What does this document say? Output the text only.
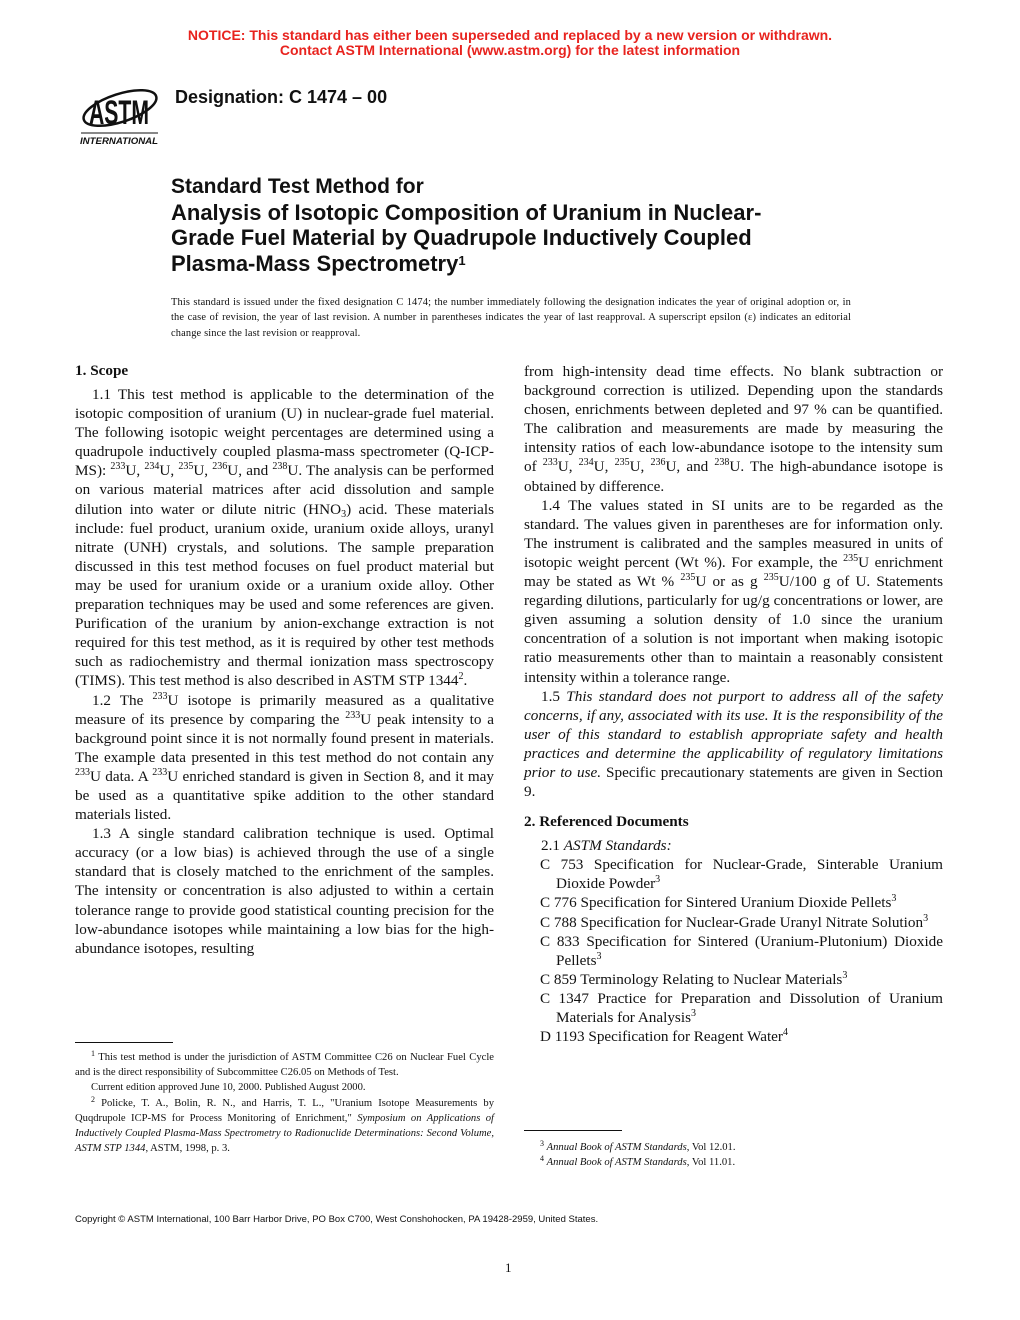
NOTICE: This standard has either been superseded and replaced by a new version or withdrawn.
Contact ASTM International (www.astm.org) for the latest information
ASTM
INTERNATIONAL
Designation: C 1474 – 00
Standard Test Method for
Analysis of Isotopic Composition of Uranium in Nuclear-
Grade Fuel Material by Quadrupole Inductively Coupled
Plasma-Mass Spectrometry$^1$
This standard is issued under the fixed designation C 1474; the number immediately following the designation indicates the year of original adoption or, in the case of revision, the year of last revision. A number in parentheses indicates the year of last reapproval. A superscript epsilon (ε) indicates an editorial change since the last revision or reapproval.
1. Scope

1.1 This test method is applicable to the determination of the isotopic composition of uranium (U) in nuclear-grade fuel material. The following isotopic weight percentages are determined using a quadrupole inductively coupled plasma-mass spectrometer (Q-ICP-MS): $^{233}$U, $^{234}$U, $^{235}$U, $^{236}$U, and $^{238}$U. The analysis can be performed on various material matrices after acid dissolution and sample dilution into water or dilute nitric $(HNO_3)$ acid. These materials include: fuel product, uranium oxide, uranium oxide alloys, uranyl nitrate (UNH) crystals, and solutions. The sample preparation discussed in this test method focuses on fuel product material but may be used for uranium oxide or a uranium oxide alloy. Other preparation techniques may be used and some references are given. Purification of the uranium by anion-exchange extraction is not required for this test method, as it is required by other test methods such as radiochemistry and thermal ionization mass spectroscopy (TIMS). This test method is also described in ASTM STP 1344$^2$.

1.2 The $^{233}$U isotope is primarily measured as a qualitative measure of its presence by comparing the $^{233}$U peak intensity to a background point since it is not normally found present in materials. The example data presented in this test method do not contain any $^{233}$U data. A $^{233}$U enriched standard is given in Section 8, and it may be used as a quantitative spike addition to the other standard materials listed.

1.3 A single standard calibration technique is used. Optimal accuracy (or a low bias) is achieved through the use of a single standard that is closely matched to the enrichment of the samples. The intensity or concentration is also adjusted to within a certain tolerance range to provide good statistical counting precision for the low-abundance isotopes while maintaining a low bias for the high-abundance isotopes, resulting

from high-intensity dead time effects. No blank subtraction or background correction is utilized. Depending upon the standards chosen, enrichments between depleted and 97 % can be quantified. The calibration and measurements are made by measuring the intensity ratios of each low-abundance isotope to the intensity sum of $^{233}$U, $^{234}$U, $^{235}$U, $^{236}$U, and $^{238}$U. The high-abundance isotope is obtained by difference.

1.4 The values stated in SI units are to be regarded as the standard. The values given in parentheses are for information only. The instrument is calibrated and the samples measured in units of isotopic weight percent (Wt %). For example, the $^{235}$U enrichment may be stated as Wt % $^{235}$U or as g $^{235}$U/100 g of U. Statements regarding dilutions, particularly for ug/g concentrations or lower, are given assuming a solution density of 1.0 since the uranium concentration of a solution is not important when making isotopic ratio measurements other than to maintain a reasonably consistent intensity within a tolerance range.

1.5 This standard does not purport to address all of the safety concerns, if any, associated with its use. It is the responsibility of the user of this standard to establish appropriate safety and health practices and determine the applicability of regulatory limitations prior to use. Specific precautionary statements are given in Section 9.

2. Referenced Documents

2.1 ASTM Standards:

C 753 Specification for Nuclear-Grade, Sinterable Uranium Dioxide Powder$^3$

C 776 Specification for Sintered Uranium Dioxide Pellets$^3$

C 788 Specification for Nuclear-Grade Uranyl Nitrate Solution$^3$

C 833 Specification for Sintered (Uranium-Plutonium) Dioxide Pellets$^3$

C 859 Terminology Relating to Nuclear Materials$^3$

C 1347 Practice for Preparation and Dissolution of Uranium Materials for Analysis$^3$

D 1193 Specification for Reagent Water$^4$

$^1$ This test method is under the jurisdiction of ASTM Committee C26 on Nuclear Fuel Cycle and is the direct responsibility of Subcommittee C26.05 on Methods of Test.

Current edition approved June 10, 2000. Published August 2000.

$^2$ Policke, T. A., Bolin, R. N., and Harris, T. L., "Uranium Isotope Measurements by Quqdrupole ICP-MS for Process Monitoring of Enrichment," Symposium on Applications of Inductively Coupled Plasma-Mass Spectrometry to Radionuclide Determinations: Second Volume, ASTM STP 1344, ASTM, 1998, p. 3.	$^3$ Annual Book of ASTM Standards, Vol 12.01.

$^4$ Annual Book of ASTM Standards, Vol 11.01.

Copyright © ASTM International, 100 Barr Harbor Drive, PO Box C700, West Conshohocken, PA 19428-2959, United States.
1
